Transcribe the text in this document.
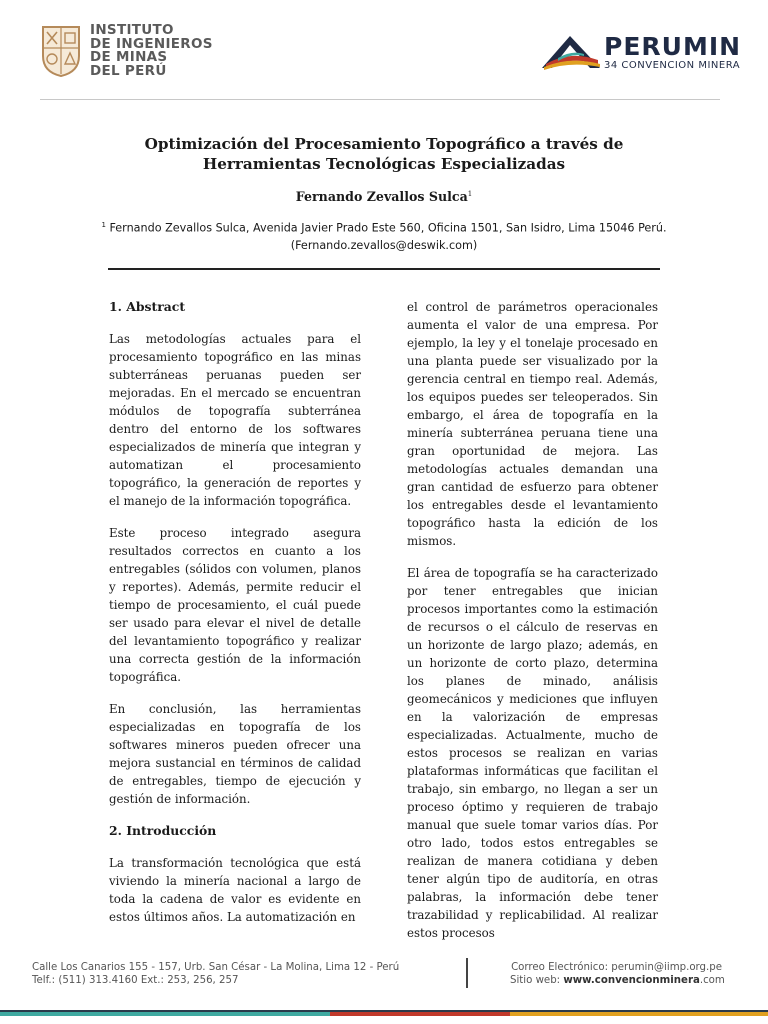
INSTITUTO
DE INGENIEROS
DE MINAS
DEL PERÚ
PERUMIN
34 CONVENCION MINERA
Optimización del Procesamiento Topográfico a través de Herramientas Tecnológicas Especializadas
Fernando Zevallos Sulca$^1$
$^1$ Fernando Zevallos Sulca, Avenida Javier Prado Este 560, Oficina 1501, San Isidro, Lima 15046 Perú. (Fernando.zevallos@deswik.com)
1. Abstract

Las metodologías actuales para el procesamiento topográfico en las minas subterráneas peruanas pueden ser mejoradas. En el mercado se encuentran módulos de topografía subterránea dentro del entorno de los softwares especializados de minería que integran y automatizan el procesamiento topográfico, la generación de reportes y el manejo de la información topográfica.

Este proceso integrado asegura resultados correctos en cuanto a los entregables (sólidos con volumen, planos y reportes). Además, permite reducir el tiempo de procesamiento, el cuál puede ser usado para elevar el nivel de detalle del levantamiento topográfico y realizar una correcta gestión de la información topográfica.

En conclusión, las herramientas especializadas en topografía de los softwares mineros pueden ofrecer una mejora sustancial en términos de calidad de entregables, tiempo de ejecución y gestión de información.

2. Introducción

La transformación tecnológica que está viviendo la minería nacional a largo de toda la cadena de valor es evidente en estos últimos años. La automatización en

el control de parámetros operacionales aumenta el valor de una empresa. Por ejemplo, la ley y el tonelaje procesado en una planta puede ser visualizado por la gerencia central en tiempo real. Además, los equipos puedes ser teleoperados. Sin embargo, el área de topografía en la minería subterránea peruana tiene una gran oportunidad de mejora. Las metodologías actuales demandan una gran cantidad de esfuerzo para obtener los entregables desde el levantamiento topográfico hasta la edición de los mismos.

El área de topografía se ha caracterizado por tener entregables que inician procesos importantes como la estimación de recursos o el cálculo de reservas en un horizonte de largo plazo; además, en un horizonte de corto plazo, determina los planes de minado, análisis geomecánicos y mediciones que influyen en la valorización de empresas especializadas. Actualmente, mucho de estos procesos se realizan en varias plataformas informáticas que facilitan el trabajo, sin embargo, no llegan a ser un proceso óptimo y requieren de trabajo manual que suele tomar varios días. Por otro lado, todos estos entregables se realizan de manera cotidiana y deben tener algún tipo de auditoría, en otras palabras, la información debe tener trazabilidad y replicabilidad. Al realizar estos procesos

Calle Los Canarios 155 - 157, Urb. San César - La Molina, Lima 12 - Perú
Telf.: (511) 313.4160 Ext.: 253, 256, 257
Correo Electrónico: perumin@iimp.org.pe
Sitio web: www.convencionminera.com
